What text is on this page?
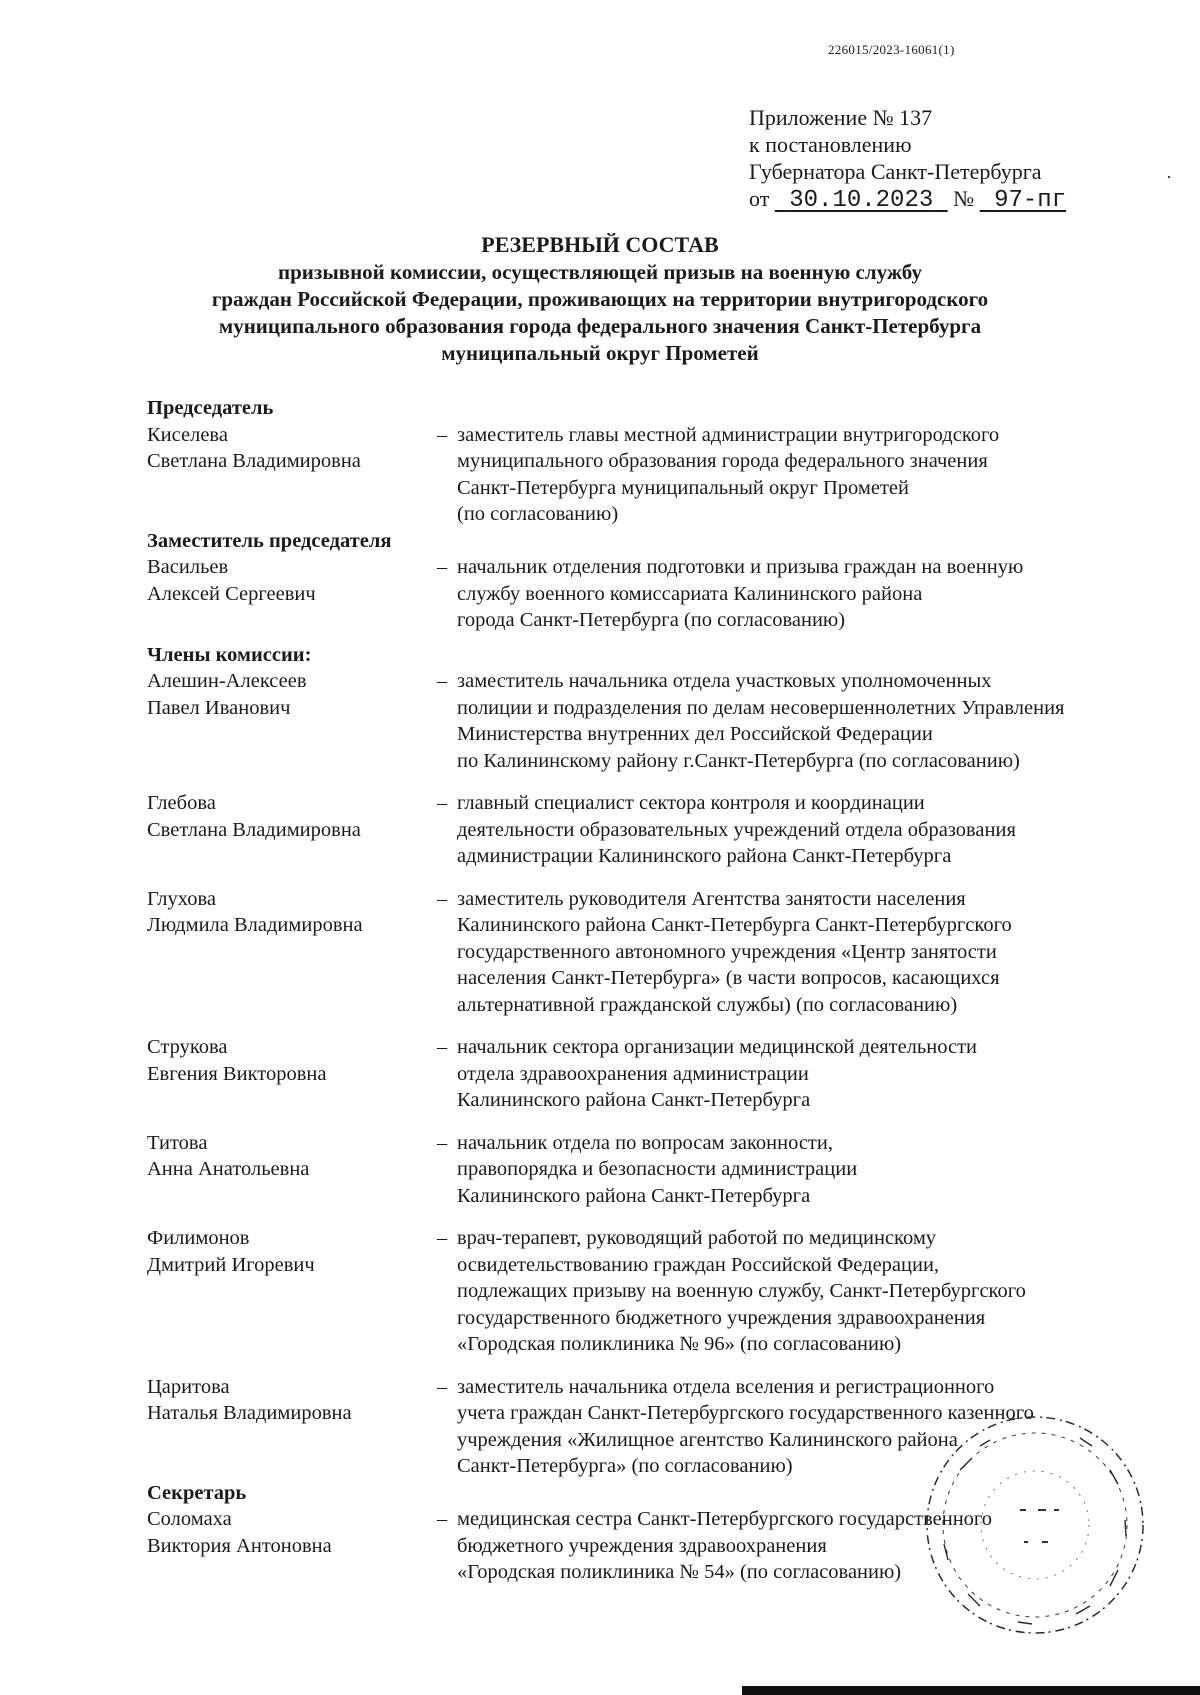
226015/2023-16061(1)
Приложение № 137
к постановлению
Губернатора Санкт-Петербурга
от 30.10.2023 № 97-пг
РЕЗЕРВНЫЙ СОСТАВ
призывной комиссии, осуществляющей призыв на военную службу
граждан Российской Федерации, проживающих на территории внутригородского
муниципального образования города федерального значения Санкт-Петербурга
муниципальный округ Прометей
Председатель
Киселева
Светлана Владимировна
– заместитель главы местной администрации внутригородского
муниципального образования города федерального значения
Санкт-Петербурга муниципальный округ Прометей
(по согласованию)
Заместитель председателя
Васильев
Алексей Сергеевич
– начальник отделения подготовки и призыва граждан на военную
службу военного комиссариата Калининского района
города Санкт-Петербурга (по согласованию)
Члены комиссии:
Алешин-Алексеев
Павел Иванович
– заместитель начальника отдела участковых уполномоченных
полиции и подразделения по делам несовершеннолетних Управления
Министерства внутренних дел Российской Федерации
по Калининскому району г.Санкт-Петербурга (по согласованию)
Глебова
Светлана Владимировна
– главный специалист сектора контроля и координации
деятельности образовательных учреждений отдела образования
администрации Калининского района Санкт-Петербурга
Глухова
Людмила Владимировна
– заместитель руководителя Агентства занятости населения
Калининского района Санкт-Петербурга Санкт-Петербургского
государственного автономного учреждения «Центр занятости
населения Санкт-Петербурга» (в части вопросов, касающихся
альтернативной гражданской службы) (по согласованию)
Струкова
Евгения Викторовна
– начальник сектора организации медицинской деятельности
отдела здравоохранения администрации
Калининского района Санкт-Петербурга
Титова
Анна Анатольевна
– начальник отдела по вопросам законности,
правопорядка и безопасности администрации
Калининского района Санкт-Петербурга
Филимонов
Дмитрий Игоревич
– врач-терапевт, руководящий работой по медицинскому
освидетельствованию граждан Российской Федерации,
подлежащих призыву на военную службу, Санкт-Петербургского
государственного бюджетного учреждения здравоохранения
«Городская поликлиника № 96» (по согласованию)
Царитова
Наталья Владимировна
– заместитель начальника отдела вселения и регистрационного
учета граждан Санкт-Петербургского государственного казенного
учреждения «Жилищное агентство Калининского района
Санкт-Петербурга» (по согласованию)
Секретарь
Соломаха
Виктория Антоновна
– медицинская сестра Санкт-Петербургского государственного
бюджетного учреждения здравоохранения
«Городская поликлиника № 54» (по согласованию)
